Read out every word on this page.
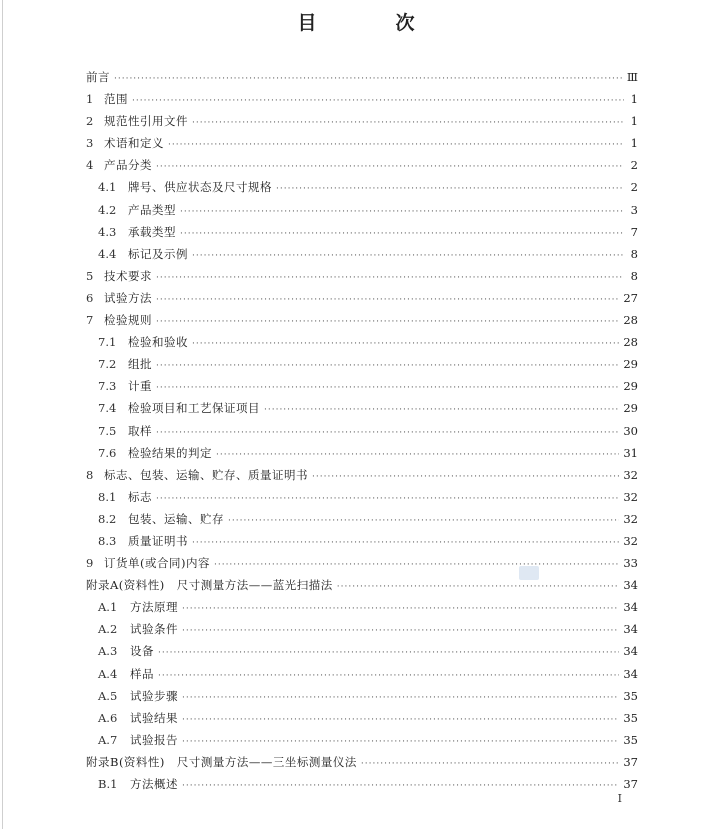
目　次
前言 ·····	Ⅲ
1 范围 ·····	1
2 规范性引用文件 ·····	1
3 术语和定义 ·····	1
4 产品分类 ·····	2
4.1	牌号、供应状态及尺寸规格 ·····	2
4.2	产品类型 ·····	3
4.3	承载类型 ·····	7
4.4	标记及示例 ·····	8
5 技术要求 ·····	8
6 试验方法 ·····	27
7 检验规则 ·····	28
7.1	检验和验收 ·····	28
7.2	组批 ·····	29
7.3	计重 ·····	29
7.4	检验项目和工艺保证项目 ·····	29
7.5	取样 ·····	30
7.6	检验结果的判定 ·····	31
8 标志、包装、运输、贮存、质量证明书 ·····	32
8.1	标志 ·····	32
8.2	包装、运输、贮存 ·····	32
8.3	质量证明书 ·····	32
9 订货单(或合同)内容 ·····	33
附录A(资料性)　尺寸测量方法——蓝光扫描法 ·····	34
A.1	方法原理 ·····	34
A.2	试验条件 ·····	34
A.3	设备 ·····	34
A.4	样品 ·····	34
A.5	试验步骤 ·····	35
A.6	试验结果 ·····	35
A.7	试验报告 ·····	35
附录B(资料性)　尺寸测量方法——三坐标测量仪法 ·····	37
B.1	方法概述 ·····	37
I
